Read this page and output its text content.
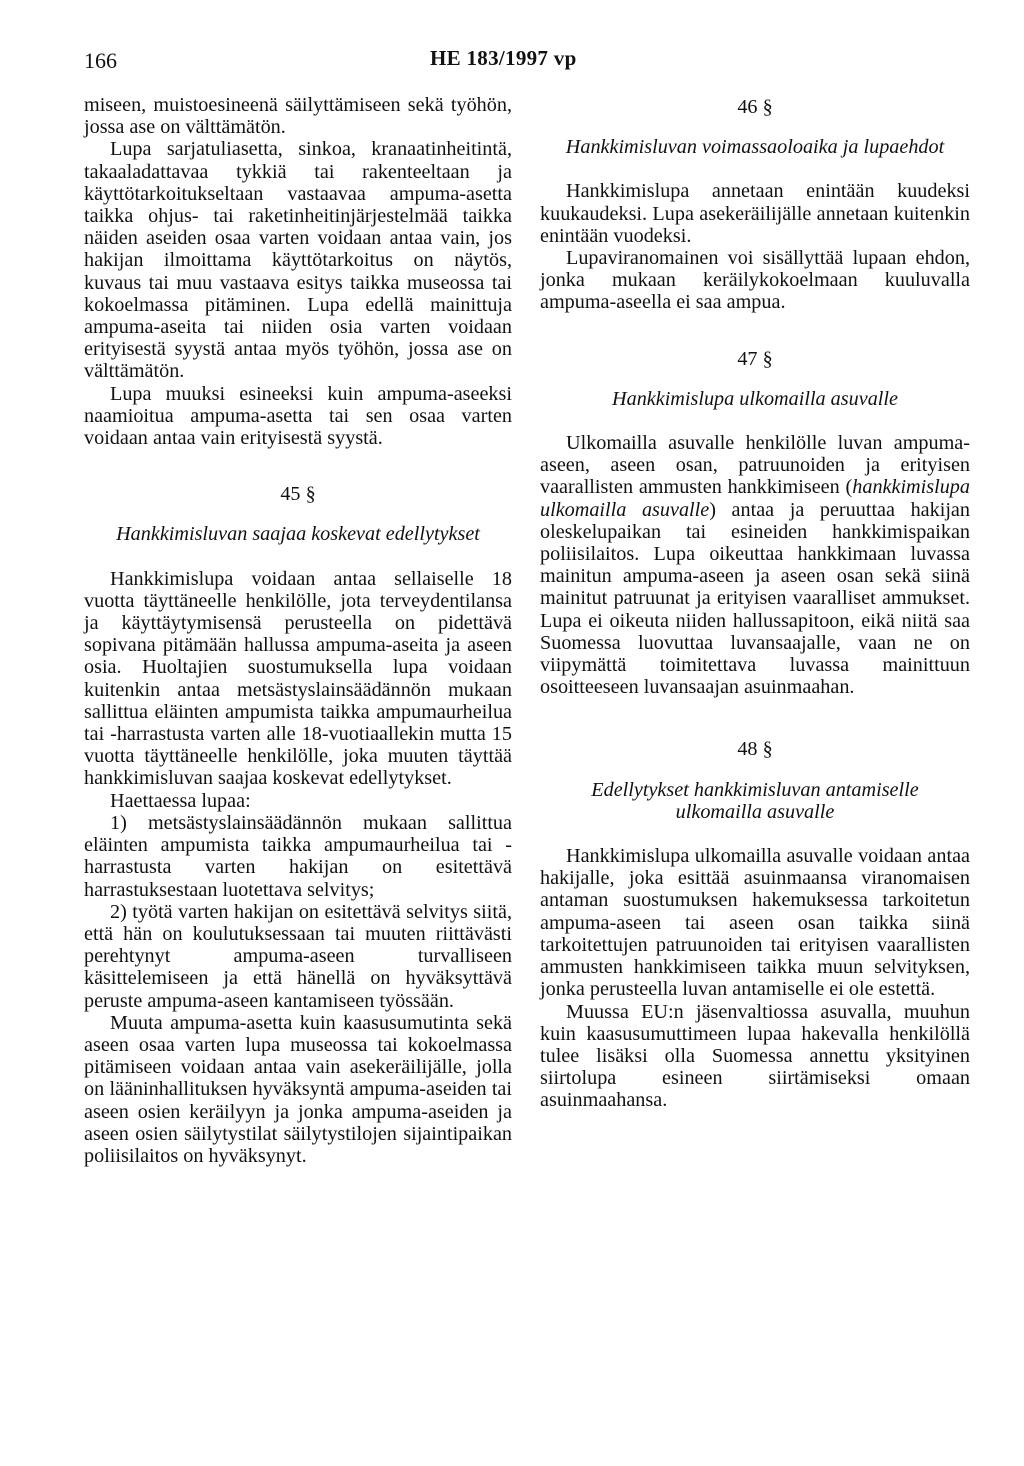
166	HE 183/1997 vp

miseen, muistoesineenä säilyttämiseen sekä työhön, jossa ase on välttämätön.

Lupa sarjatuliasetta, sinkoa, kranaatinheitintä, takaaladattavaa tykkiä tai rakenteeltaan ja käyttötarkoitukseltaan vastaavaa ampuma-asetta taikka ohjus- tai raketinheitinjärjestelmää taikka näiden aseiden osaa varten voidaan antaa vain, jos hakijan ilmoittama käyttötarkoitus on näytös, kuvaus tai muu vastaava esitys taikka museossa tai kokoelmassa pitäminen. Lupa edellä mainittuja ampuma-aseita tai niiden osia varten voidaan erityisestä syystä antaa myös työhön, jossa ase on välttämätön.

Lupa muuksi esineeksi kuin ampuma-aseeksi naamioitua ampuma-asetta tai sen osaa varten voidaan antaa vain erityisestä syystä.

45 §
Hankkimisluvan saajaa koskevat edellytykset

Hankkimislupa voidaan antaa sellaiselle 18 vuotta täyttäneelle henkilölle, jota terveydentilansa ja käyttäytymisensä perusteella on pidettävä sopivana pitämään hallussa ampuma-aseita ja aseen osia. Huoltajien suostumuksella lupa voidaan kuitenkin antaa metsästyslainsäädännön mukaan sallittua eläinten ampumista taikka ampumaurheilua tai -harrastusta varten alle 18-vuotiaallekin mutta 15 vuotta täyttäneelle henkilölle, joka muuten täyttää hankkimisluvan saajaa koskevat edellytykset.

Haettaessa lupaa:

1) metsästyslainsäädännön mukaan sallittua eläinten ampumista taikka ampumaurheilua tai -harrastusta varten hakijan on esitettävä harrastuksestaan luotettava selvitys;

2) työtä varten hakijan on esitettävä selvitys siitä, että hän on koulutuksessaan tai muuten riittävästi perehtynyt ampuma-aseen turvalliseen käsittelemiseen ja että hänellä on hyväksyttävä peruste ampuma-aseen kantamiseen työssään.

Muuta ampuma-asetta kuin kaasusumutinta sekä aseen osaa varten lupa museossa tai kokoelmassa pitämiseen voidaan antaa vain asekeräilijälle, jolla on lääninhallituksen hyväksyntä ampuma-aseiden tai aseen osien keräilyyn ja jonka ampuma-aseiden ja aseen osien säilytystilat säilytystilojen sijaintipaikan poliisilaitos on hyväksynyt.

46 §
Hankkimisluvan voimassaoloaika ja lupaehdot

Hankkimislupa annetaan enintään kuudeksi kuukaudeksi. Lupa asekeräilijälle annetaan kuitenkin enintään vuodeksi.

Lupaviranomainen voi sisällyttää lupaan ehdon, jonka mukaan keräilykokoelmaan kuuluvalla ampuma-aseella ei saa ampua.

47 §
Hankkimislupa ulkomailla asuvalle

Ulkomailla asuvalle henkilölle luvan ampuma-aseen, aseen osan, patruunoiden ja erityisen vaarallisten ammusten hankkimiseen (hankkimislupa ulkomailla asuvalle) antaa ja peruuttaa hakijan oleskelupaikan tai esineiden hankkimispaikan poliisilaitos. Lupa oikeuttaa hankkimaan luvassa mainitun ampuma-aseen ja aseen osan sekä siinä mainitut patruunat ja erityisen vaaralliset ammukset. Lupa ei oikeuta niiden hallussapitoon, eikä niitä saa Suomessa luovuttaa luvansaajalle, vaan ne on viipymättä toimitettava luvassa mainittuun osoitteeseen luvansaajan asuinmaahan.

48 §
Edellytykset hankkimisluvan antamiselle ulkomailla asuvalle

Hankkimislupa ulkomailla asuvalle voidaan antaa hakijalle, joka esittää asuinmaansa viranomaisen antaman suostumuksen hakemuksessa tarkoitetun ampuma-aseen tai aseen osan taikka siinä tarkoitettujen patruunoiden tai erityisen vaarallisten ammusten hankkimiseen taikka muun selvityksen, jonka perusteella luvan antamiselle ei ole estettä.

Muussa EU:n jäsenvaltiossa asuvalla, muuhun kuin kaasusumuttimeen lupaa hakevalla henkilöllä tulee lisäksi olla Suomessa annettu yksityinen siirtolupa esineen siirtämiseksi omaan asuinmaahansa.
